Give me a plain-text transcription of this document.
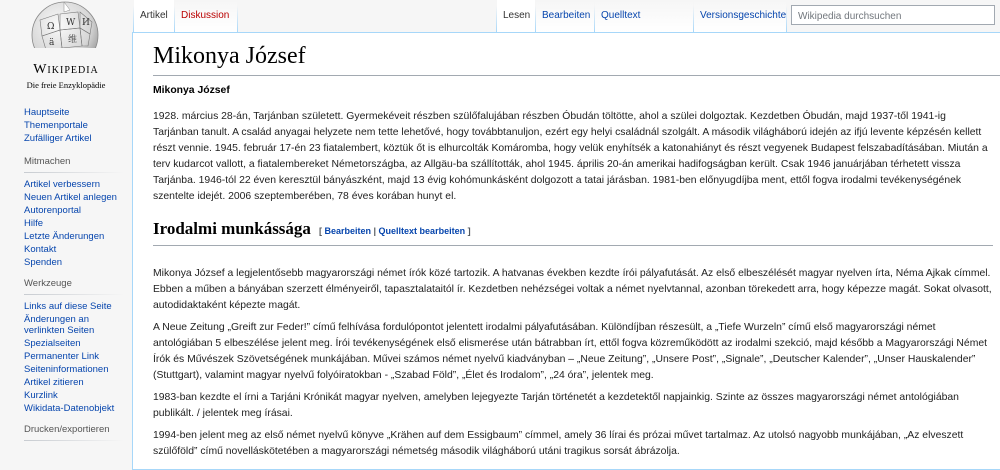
Ω W И
ä 维
Wikipedia
Die freie Enzyklopädie
Hauptseite
Themenportale
Zufälliger Artikel
Mitmachen
Artikel verbessern
Neuen Artikel anlegen
Autorenportal
Hilfe
Letzte Änderungen
Kontakt
Spenden
Werkzeuge
Links auf diese Seite
Änderungen an verlinkten Seiten
Spezialseiten
Permanenter Link
Seiteninformationen
Artikel zitieren
Kurzlink
Wikidata-Datenobjekt
Drucken/exportieren
Artikel	Diskussion	Lesen	Bearbeiten	Quelltext	Versionsgeschichte
Wikipedia durchsuchen
Mikonya József

Mikonya József

1928. március 28-án, Tarjánban született. Gyermekéveit részben szülőfalujában részben Óbudán töltötte, ahol a szülei dolgoztak. Kezdetben Óbudán, majd 1937-től 1941-ig Tarjánban tanult. A család anyagai helyzete nem tette lehetővé, hogy továbbtanuljon, ezért egy helyi családnál szolgált. A második világháború idején az ifjú levente képzésén kellett részt vennie. 1945. február 17-én 23 fiatalembert, köztük őt is elhurcolták Komáromba, hogy velük enyhítsék a katonahiányt és részt vegyenek Budapest felszabadításában. Miután a terv kudarcot vallott, a fiatalembereket Németországba, az Allgäu-ba szállították, ahol 1945. április 20-án amerikai hadifogságban került. Csak 1946 januárjában térhetett vissza Tarjánba. 1946-tól 22 éven keresztül bányászként, majd 13 évig kohómunkásként dolgozott a tatai járásban. 1981-ben előnyugdíjba ment, ettől fogva irodalmi tevékenységének szentelte idejét. 2006 szeptemberében, 78 éves korában hunyt el.

Irodalmi munkássága [ Bearbeiten | Quelltext bearbeiten ]

Mikonya József a legjelentősebb magyarországi német írók közé tartozik. A hatvanas években kezdte írói pályafutását. Az első elbeszélését magyar nyelven írta, Néma Ajkak címmel. Ebben a műben a bányában szerzett élményeiről, tapasztalataitól ír. Kezdetben nehézségei voltak a német nyelvtannal, azonban törekedett arra, hogy képezze magát. Sokat olvasott, autodidaktaként képezte magát.

A Neue Zeitung „Greift zur Feder!” című felhívása fordulópontot jelentett irodalmi pályafutásában. Különdíjban részesült, a „Tiefe Wurzeln” című első magyarországi német antológiában 5 elbeszélése jelent meg. Írói tevékenységének első elismerése után bátrabban írt, ettől fogva közreműködött az irodalmi szekció, majd később a Magyarországi Német Írók és Művészek Szövetségének munkájában. Művei számos német nyelvű kiadványban – „Neue Zeitung”, „Unsere Post”, „Signale”, „Deutscher Kalender”, „Unser Hauskalender” (Stuttgart), valamint magyar nyelvű folyóiratokban - „Szabad Föld”, „Élet és Irodalom”, „24 óra”, jelentek meg.

1983-ban kezdte el írni a Tarjáni Krónikát magyar nyelven, amelyben lejegyezte Tarján történetét a kezdetektől napjainkig. Szinte az összes magyarországi német antológiában publikált. / jelentek meg írásai.

1994-ben jelent meg az első német nyelvű könyve „Krähen auf dem Essigbaum” címmel, amely 36 lírai és prózai művet tartalmaz. Az utolsó nagyobb munkájában, „Az elveszett szülőföld” című novelláskötetében a magyarországi németség második világháború utáni tragikus sorsát ábrázolja.
